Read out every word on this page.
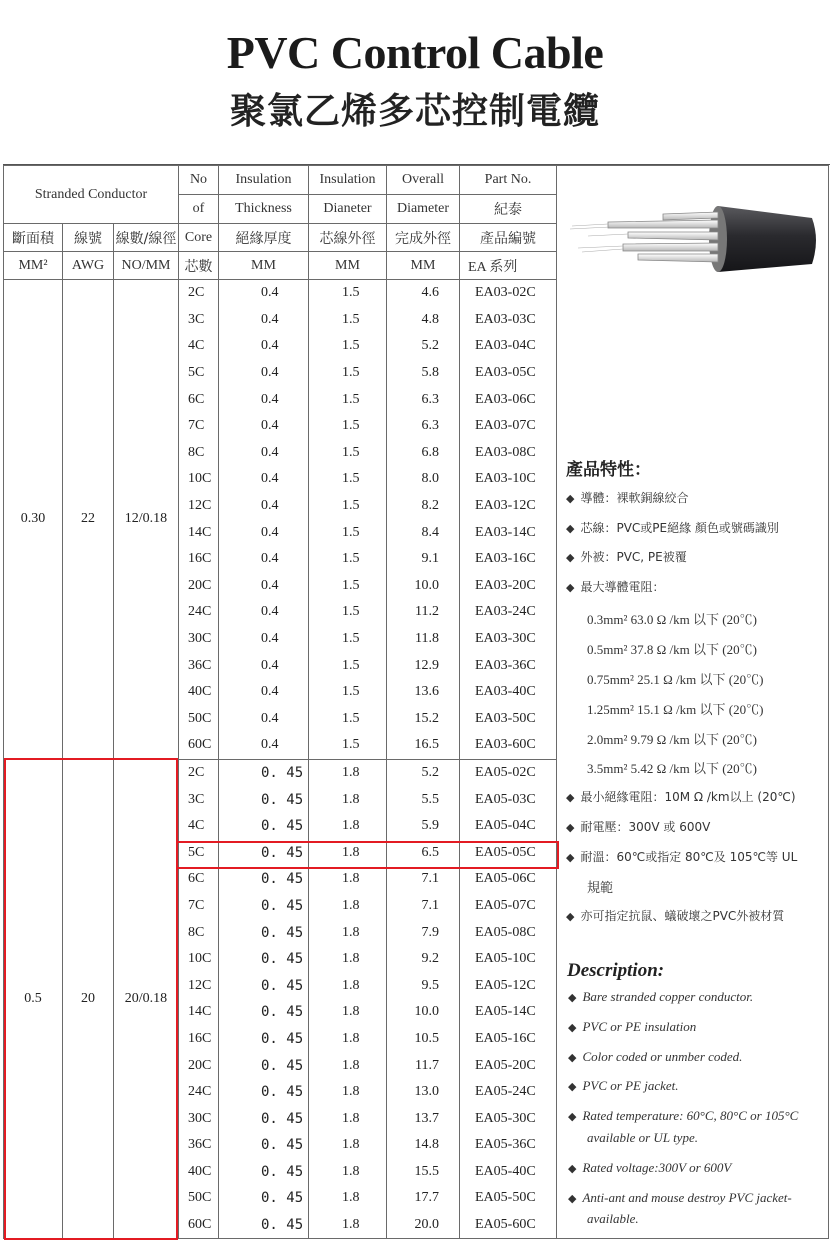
PVC Control Cable
聚氯乙烯多芯控制電纜
Stranded Conductor			No	Insulation	Insulation	Overall	Part No.	
			of	Thickness	Dianeter	Diameter	紀泰	
斷面積	線號	線數/線徑	Core	絕緣厚度	芯線外徑	完成外徑	產品編號	
MM²	AWG	NO/MM	芯數	MM	MM	MM	EA 系列	
0.30	22	12/0.18	2C	0.4	1.5	4.6	EA03-02C	
			3C	0.4	1.5	4.8	EA03-03C	
			4C	0.4	1.5	5.2	EA03-04C	
			5C	0.4	1.5	5.8	EA03-05C	
			6C	0.4	1.5	6.3	EA03-06C	
			7C	0.4	1.5	6.3	EA03-07C	
			8C	0.4	1.5	6.8	EA03-08C	
			10C	0.4	1.5	8.0	EA03-10C	
			12C	0.4	1.5	8.2	EA03-12C	
			14C	0.4	1.5	8.4	EA03-14C	
			16C	0.4	1.5	9.1	EA03-16C	
			20C	0.4	1.5	10.0	EA03-20C	
			24C	0.4	1.5	11.2	EA03-24C	
			30C	0.4	1.5	11.8	EA03-30C	
			36C	0.4	1.5	12.9	EA03-36C	
			40C	0.4	1.5	13.6	EA03-40C	
			50C	0.4	1.5	15.2	EA03-50C	
			60C	0.4	1.5	16.5	EA03-60C	
0.5	20	20/0.18	2C	0. 45	1.8	5.2	EA05-02C	
			3C	0. 45	1.8	5.5	EA05-03C	
			4C	0. 45	1.8	5.9	EA05-04C	
			5C	0. 45	1.8	6.5	EA05-05C	
			6C	0. 45	1.8	7.1	EA05-06C	
			7C	0. 45	1.8	7.1	EA05-07C	
			8C	0. 45	1.8	7.9	EA05-08C	
			10C	0. 45	1.8	9.2	EA05-10C	
			12C	0. 45	1.8	9.5	EA05-12C	
			14C	0. 45	1.8	10.0	EA05-14C	
			16C	0. 45	1.8	10.5	EA05-16C	
			20C	0. 45	1.8	11.7	EA05-20C	
			24C	0. 45	1.8	13.0	EA05-24C	
			30C	0. 45	1.8	13.7	EA05-30C	
			36C	0. 45	1.8	14.8	EA05-36C	
			40C	0. 45	1.8	15.5	EA05-40C	
			50C	0. 45	1.8	17.7	EA05-50C	
			60C	0. 45	1.8	20.0	EA05-60C	
產品特性：
◆ 導體：裸軟銅線絞合
◆ 芯線：PVC或PE絕緣 顏色或號碼識別
◆ 外被：PVC, PE被覆
◆ 最大導體電阻：
0.3mm² 63.0 Ω /km 以下 (20℃)
0.5mm² 37.8 Ω /km 以下 (20℃)
0.75mm² 25.1 Ω /km 以下 (20℃)
1.25mm² 15.1 Ω /km 以下 (20℃)
2.0mm² 9.79 Ω /km 以下 (20℃)
3.5mm² 5.42 Ω /km 以下 (20℃)
◆ 最小絕緣電阻：10M Ω /km以上 (20℃)
◆ 耐電壓：300V 或 600V
◆ 耐溫：60℃或指定 80℃及 105℃等 UL
規範
◆ 亦可指定抗鼠、蟻破壞之PVC外被材質
Description:
◆ Bare stranded copper conductor.
◆ PVC or PE insulation
◆ Color coded or unmber coded.
◆ PVC or PE jacket.
◆ Rated temperature: 60°C, 80°C or 105°C
available or UL type.
◆ Rated voltage:300V or 600V
◆ Anti-ant and mouse destroy PVC jacket-
available.
